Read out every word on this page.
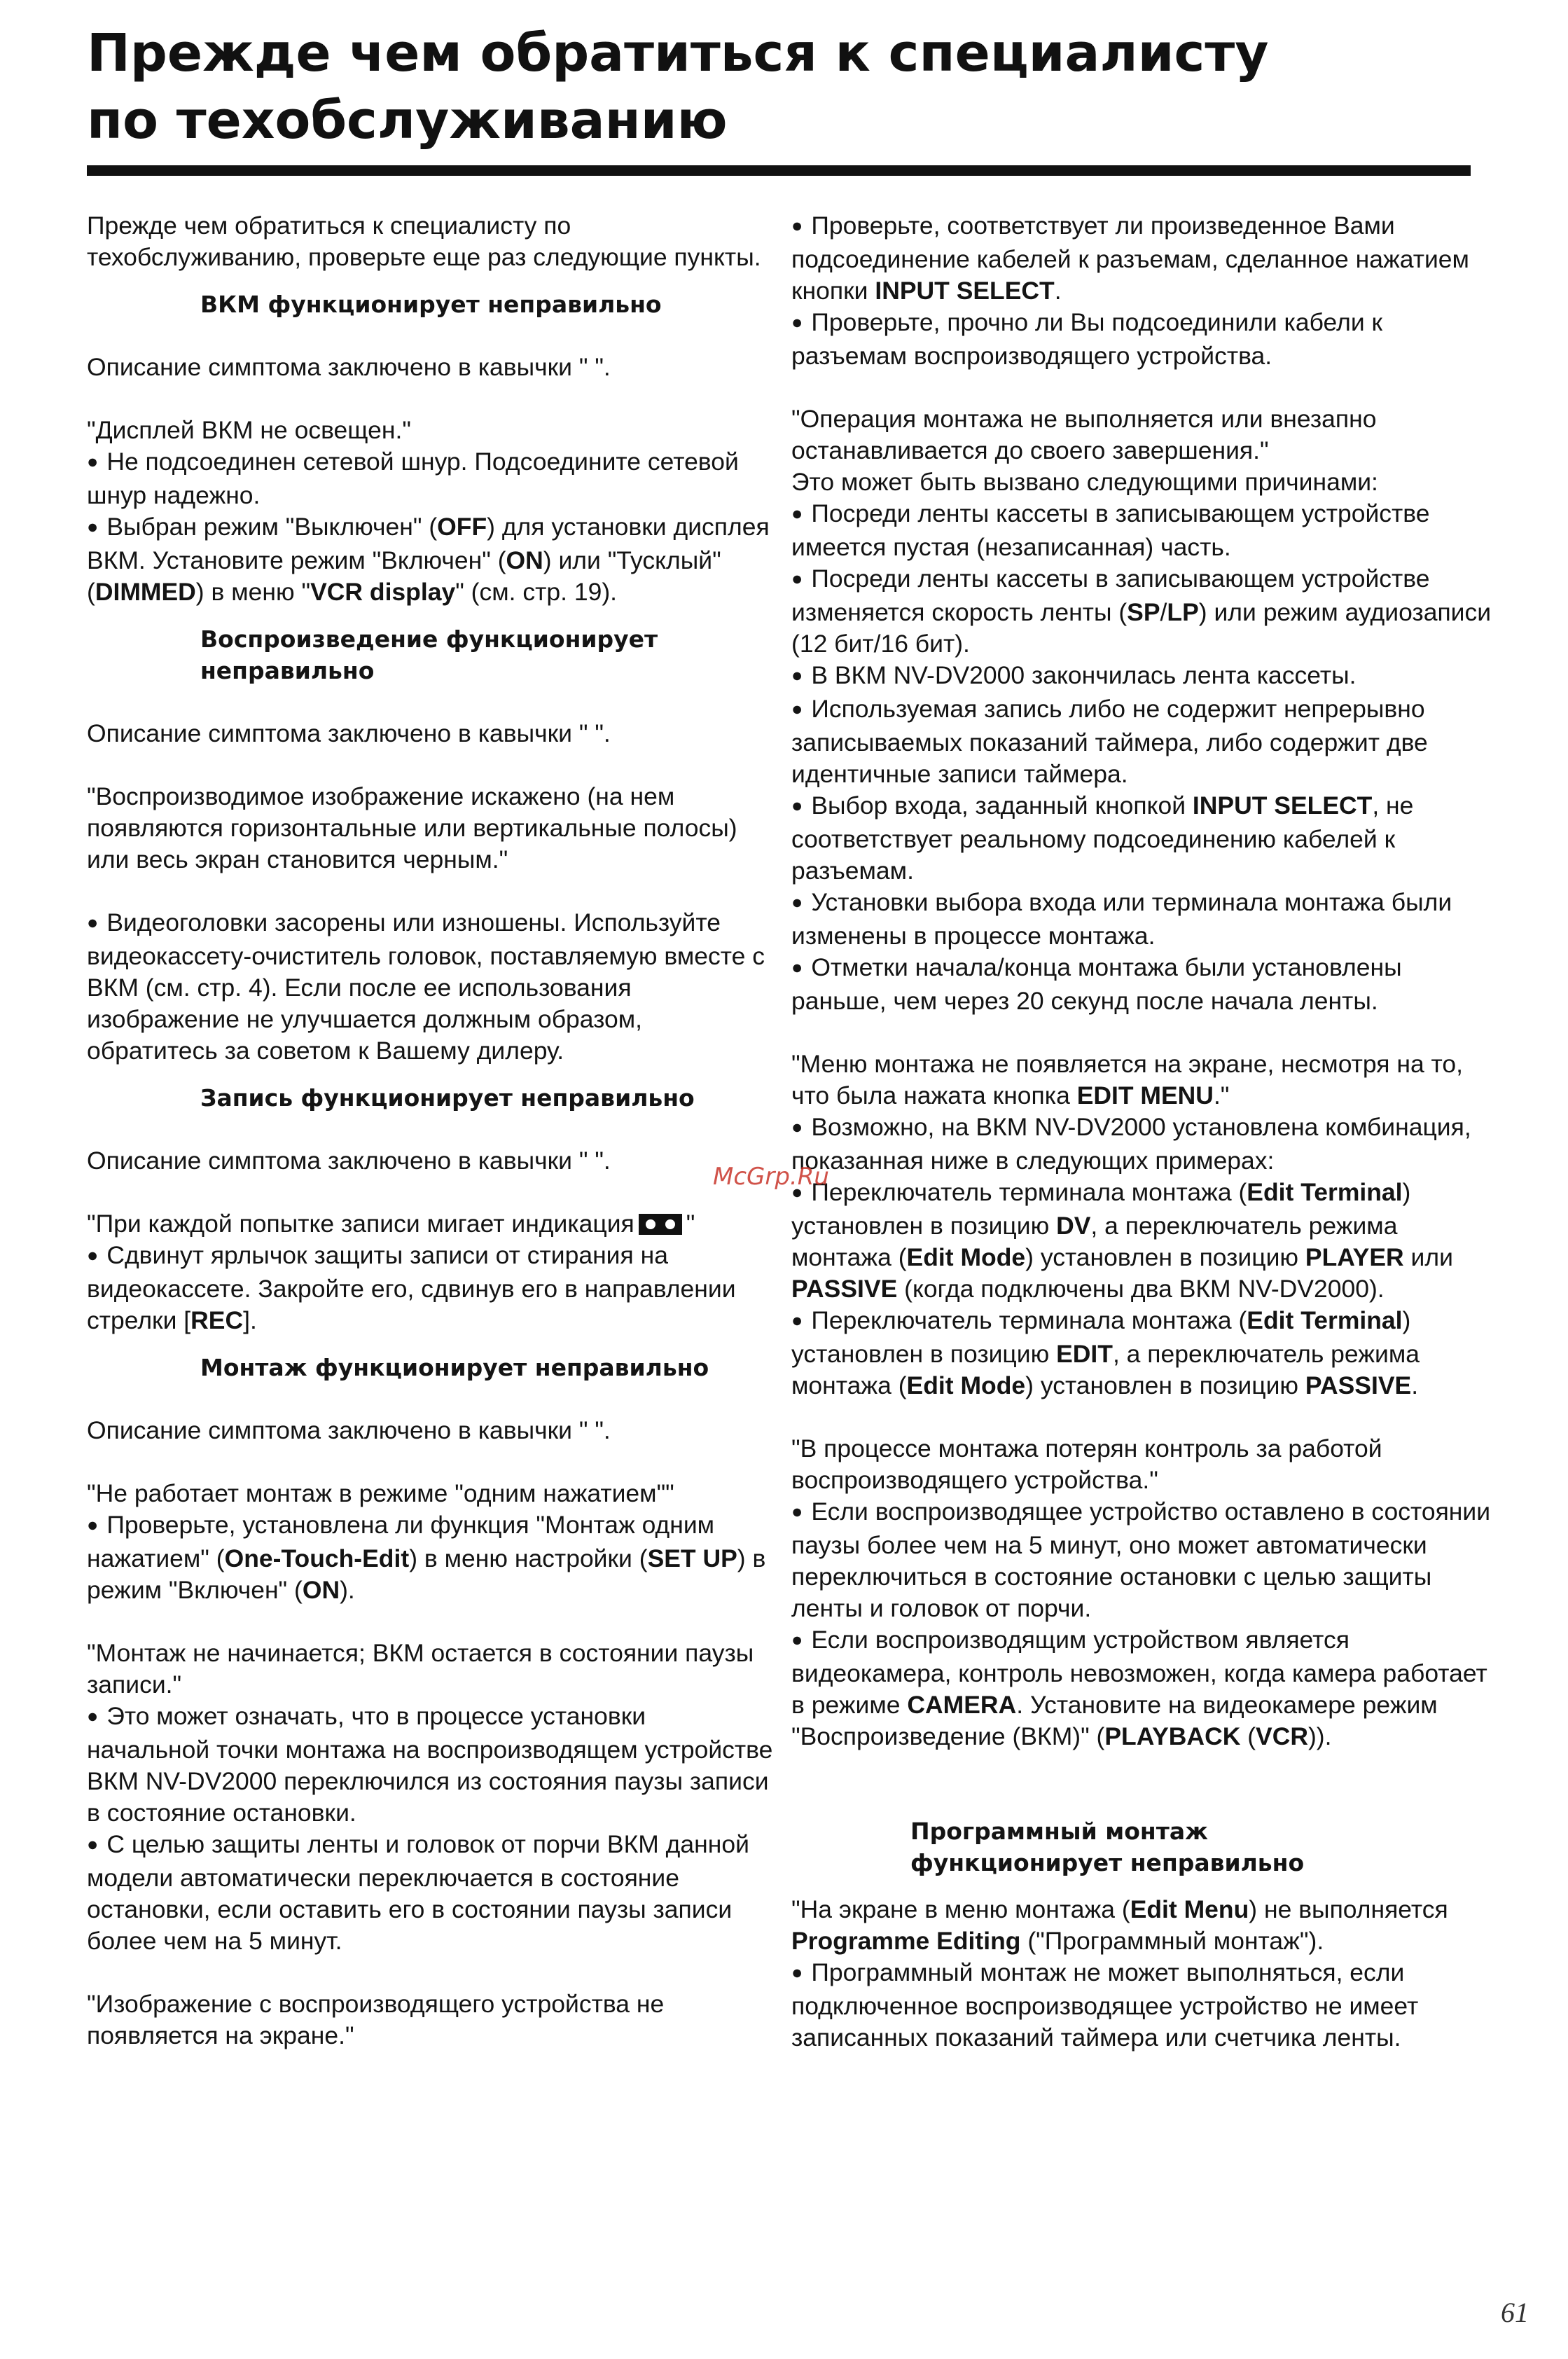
Прежде чем обратиться к специалисту
по техобслуживанию

Прежде чем обратиться к специалисту по техобслуживанию, проверьте еще раз следующие пункты.

ВКМ функционирует неправильно

Описание симптома заключено в кавычки " ".

"Дисплей ВКМ не освещен."

● Не подсоединен сетевой шнур. Подсоедините сетевой шнур надежно.

● Выбран режим "Выключен" (OFF) для установки дисплея ВКМ. Установите режим "Включен" (ON) или "Тусклый" (DIMMED) в меню "VCR display" (см. стр. 19).

Воспроизведение функционирует
неправильно

Описание симптома заключено в кавычки " ".

"Воспроизводимое изображение искажено (на нем появляются горизонтальные или вертикальные полосы) или весь экран становится черным."

● Видеоголовки засорены или изношены. Используйте видеокассету-очиститель головок, поставляемую вместе с ВКМ (см. стр. 4). Если после ее использования изображение не улучшается должным образом, обратитесь за советом к Вашему дилеру.

Запись функционирует неправильно

Описание симптома заключено в кавычки " ".

"При каждой попытке записи мигает индикация "

● Сдвинут ярлычок защиты записи от стирания на видеокассете. Закройте его, сдвинув его в направлении стрелки [REC].

Монтаж функционирует неправильно

Описание симптома заключено в кавычки " ".

"Не работает монтаж в режиме "одним нажатием""

● Проверьте, установлена ли функция "Монтаж одним нажатием" (One-Touch-Edit) в меню настройки (SET UP) в режим "Включен" (ON).

"Монтаж не начинается; ВКМ остается в состоянии паузы записи."

● Это может означать, что в процессе установки начальной точки монтажа на воспроизводящем устройстве ВКМ NV-DV2000 переключился из состояния паузы записи в состояние остановки.

● С целью защиты ленты и головок от порчи ВКМ данной модели автоматически переключается в состояние остановки, если оставить его в состоянии паузы записи более чем на 5 минут.

"Изображение с воспроизводящего устройства не появляется на экране."

● Проверьте, соответствует ли произведенное Вами подсоединение кабелей к разъемам, сделанное нажатием кнопки INPUT SELECT.

● Проверьте, прочно ли Вы подсоединили кабели к разъемам воспроизводящего устройства.

"Операция монтажа не выполняется или внезапно останавливается до своего завершения."

Это может быть вызвано следующими причинами:

● Посреди ленты кассеты в записывающем устройстве имеется пустая (незаписанная) часть.

● Посреди ленты кассеты в записывающем устройстве изменяется скорость ленты (SP/LP) или режим аудиозаписи (12 бит/16 бит).

● В ВКМ NV-DV2000 закончилась лента кассеты.

● Используемая запись либо не содержит непрерывно записываемых показаний таймера, либо содержит две идентичные записи таймера.

● Выбор входа, заданный кнопкой INPUT SELECT, не соответствует реальному подсоединению кабелей к разъемам.

● Установки выбора входа или терминала монтажа были изменены в процессе монтажа.

● Отметки начала/конца монтажа были установлены раньше, чем через 20 секунд после начала ленты.

"Меню монтажа не появляется на экране, несмотря на то, что была нажата кнопка EDIT MENU."

● Возможно, на ВКМ NV-DV2000 установлена комбинация, показанная ниже в следующих примерах:

● Переключатель терминала монтажа (Edit Terminal) установлен в позицию DV, а переключатель режима монтажа (Edit Mode) установлен в позицию PLAYER или PASSIVE (когда подключены два ВКМ NV-DV2000).

● Переключатель терминала монтажа (Edit Terminal) установлен в позицию EDIT, а переключатель режима монтажа (Edit Mode) установлен в позицию PASSIVE.

"В процессе монтажа потерян контроль за работой воспроизводящего устройства."

● Если воспроизводящее устройство оставлено в состоянии паузы более чем на 5 минут, оно может автоматически переключиться в состояние остановки с целью защиты ленты и головок от порчи.

● Если воспроизводящим устройством является видеокамера, контроль невозможен, когда камера работает в режиме CAMERA. Установите на видеокамере режим "Воспроизведение (ВКМ)" (PLAYBACK (VCR)).

Программный монтаж
функционирует неправильно

"На экране в меню монтажа (Edit Menu) не выполняется Programme Editing ("Программный монтаж").

● Программный монтаж не может выполняться, если подключенное воспроизводящее устройство не имеет записанных показаний таймера или счетчика ленты.

McGrp.Ru
61
